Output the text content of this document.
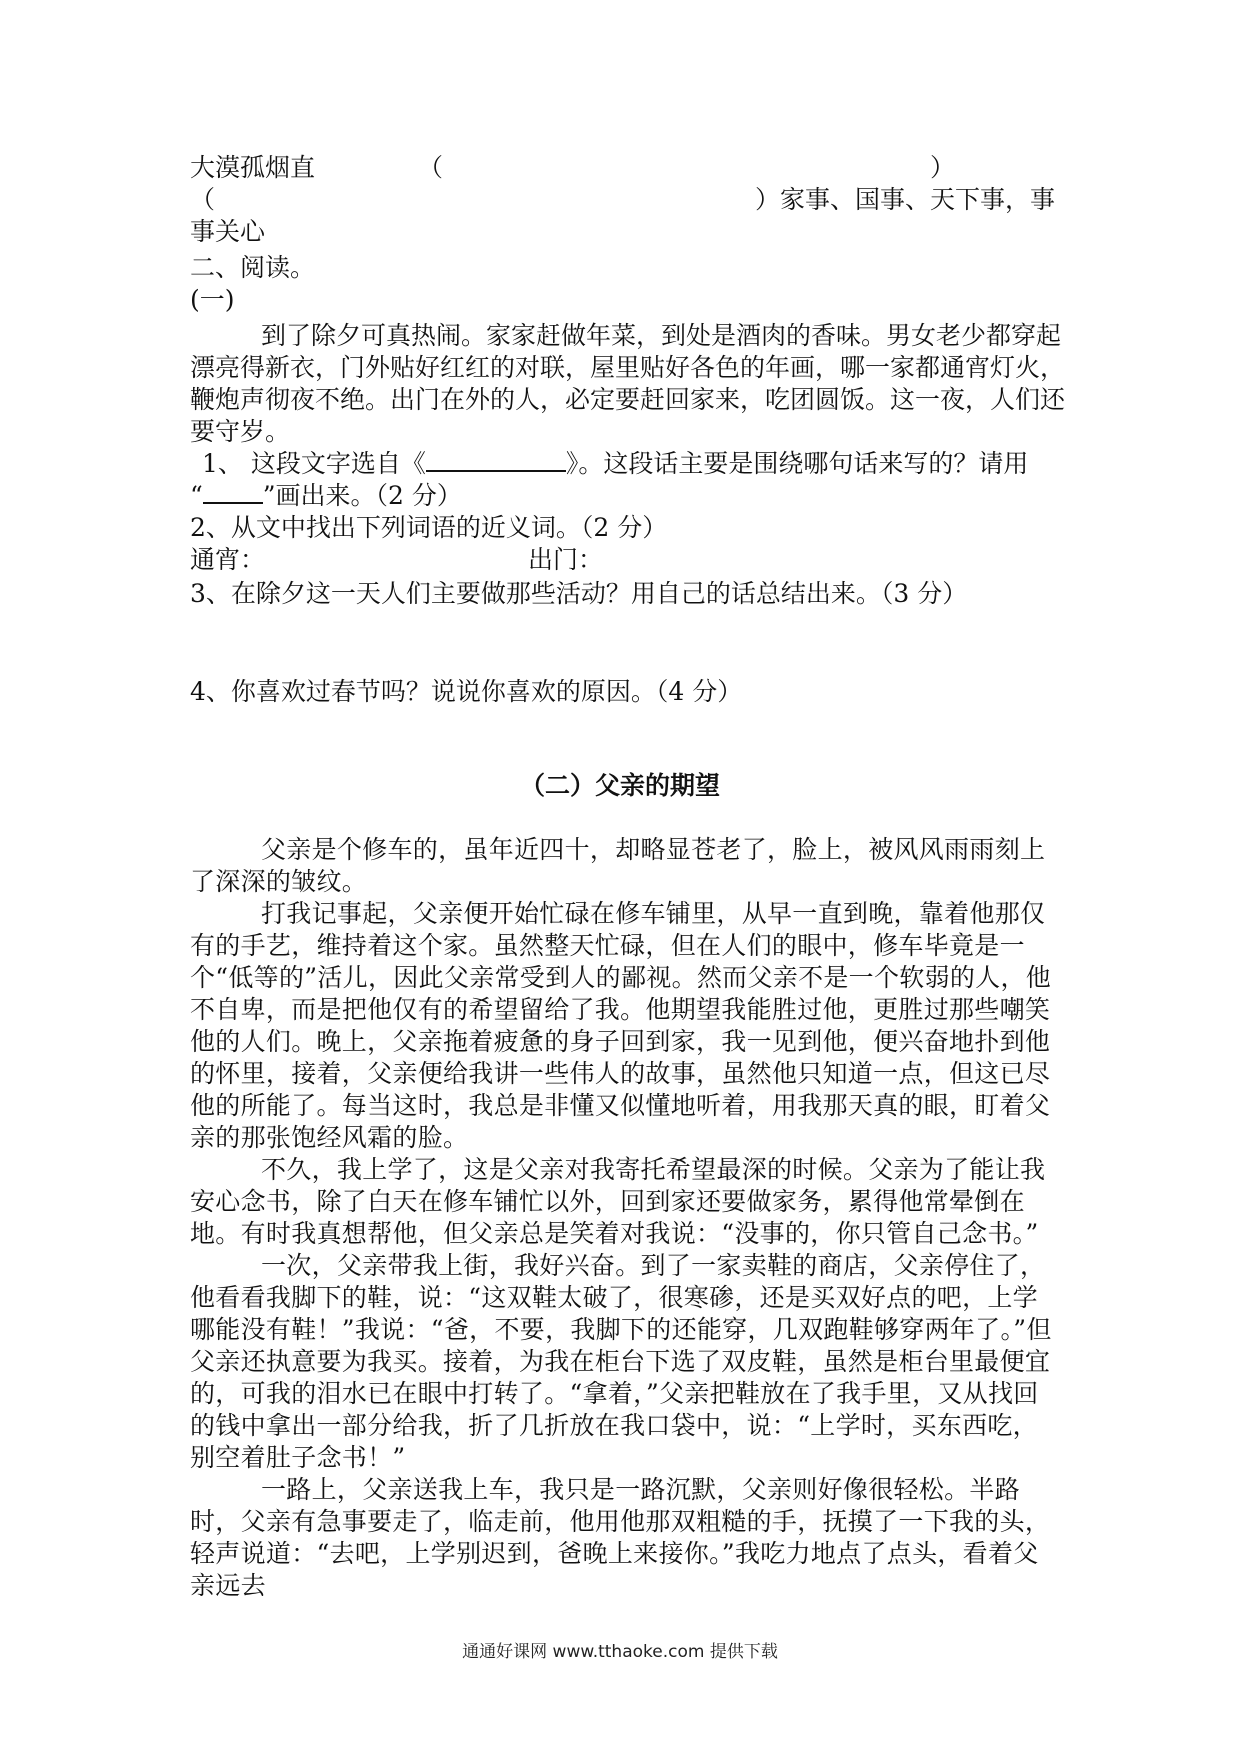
大漠孤烟直	（	）
（	）家事、国事、天下事，事
事关心
二、阅读。
(一)
到了除夕可真热闹。家家赶做年菜，到处是酒肉的香味。男女老少都穿起
漂亮得新衣，门外贴好红红的对联，屋里贴好各色的年画，哪一家都通宵灯火，
鞭炮声彻夜不绝。出门在外的人，必定要赶回家来，吃团圆饭。这一夜，人们还
要守岁。
1、 这段文字选自《	》。这段话主要是围绕哪句话来写的？请用
“ ”画出来。（2 分）
2、从文中找出下列词语的近义词。（2 分）
通宵：	出门：
3、在除夕这一天人们主要做那些活动？用自己的话总结出来。（3 分）
4、你喜欢过春节吗？说说你喜欢的原因。（4 分）
（二）父亲的期望

父亲是个修车的，虽年近四十，却略显苍老了，脸上，被风风雨雨刻上了深深的皱纹。

打我记事起，父亲便开始忙碌在修车铺里，从早一直到晚，靠着他那仅有的手艺，维持着这个家。虽然整天忙碌，但在人们的眼中，修车毕竟是一个“低等的”活儿，因此父亲常受到人的鄙视。然而父亲不是一个软弱的人，他不自卑，而是把他仅有的希望留给了我。他期望我能胜过他，更胜过那些嘲笑他的人们。晚上，父亲拖着疲惫的身子回到家，我一见到他，便兴奋地扑到他的怀里，接着，父亲便给我讲一些伟人的故事，虽然他只知道一点，但这已尽他的所能了。每当这时，我总是非懂又似懂地听着，用我那天真的眼，盯着父亲的那张饱经风霜的脸。

不久，我上学了，这是父亲对我寄托希望最深的时候。父亲为了能让我安心念书，除了白天在修车铺忙以外，回到家还要做家务，累得他常晕倒在地。有时我真想帮他，但父亲总是笑着对我说：“没事的，你只管自己念书。”

一次，父亲带我上街，我好兴奋。到了一家卖鞋的商店，父亲停住了，他看看我脚下的鞋，说：“这双鞋太破了，很寒碜，还是买双好点的吧，上学哪能没有鞋！”我说：“爸，不要，我脚下的还能穿，几双跑鞋够穿两年了。”但父亲还执意要为我买。接着，为我在柜台下选了双皮鞋，虽然是柜台里最便宜的，可我的泪水已在眼中打转了。“拿着，”父亲把鞋放在了我手里，又从找回的钱中拿出一部分给我，折了几折放在我口袋中，说：“上学时，买东西吃，别空着肚子念书！”

一路上，父亲送我上车，我只是一路沉默，父亲则好像很轻松。半路时，父亲有急事要走了，临走前，他用他那双粗糙的手，抚摸了一下我的头，轻声说道：“去吧，上学别迟到，爸晚上来接你。”我吃力地点了点头，看着父亲远去

通通好课网 www.tthaoke.com 提供下载
